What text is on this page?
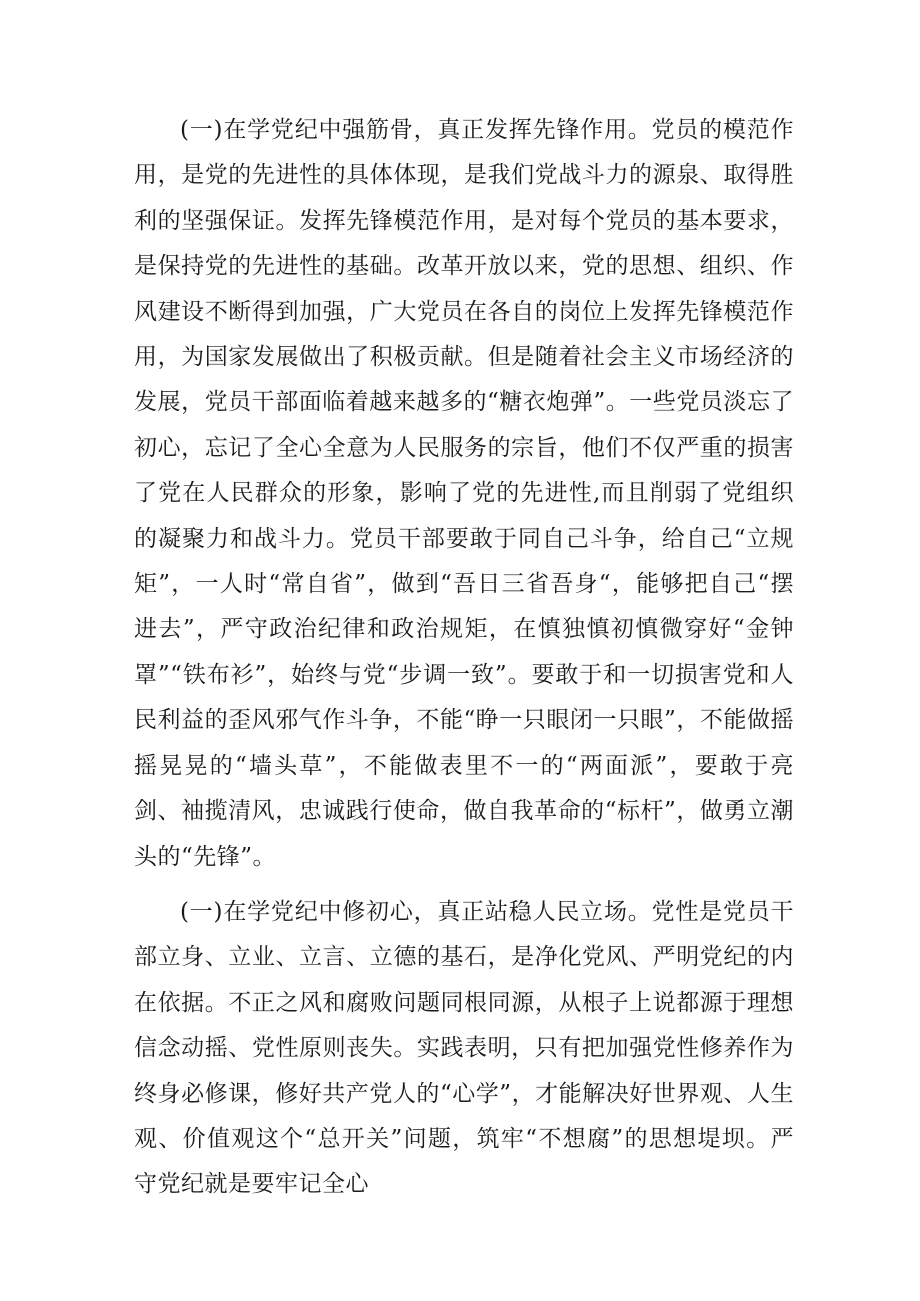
(一)在学党纪中强筋骨，真正发挥先锋作用。党员的模范作用，是党的先进性的具体体现，是我们党战斗力的源泉、取得胜利的坚强保证。发挥先锋模范作用，是对每个党员的基本要求，是保持党的先进性的基础。改革开放以来，党的思想、组织、作风建设不断得到加强，广大党员在各自的岗位上发挥先锋模范作用，为国家发展做出了积极贡献。但是随着社会主义市场经济的发展，党员干部面临着越来越多的“糖衣炮弹”。一些党员淡忘了初心，忘记了全心全意为人民服务的宗旨，他们不仅严重的损害了党在人民群众的形象，影响了党的先进性,而且削弱了党组织的凝聚力和战斗力。党员干部要敢于同自己斗争，给自己“立规矩”，一人时“常自省”，做到“吾日三省吾身“，能够把自己“摆进去”，严守政治纪律和政治规矩，在慎独慎初慎微穿好“金钟罩”“铁布衫”，始终与党“步调一致”。要敢于和一切损害党和人民利益的歪风邪气作斗争，不能“睁一只眼闭一只眼”，不能做摇摇晃晃的“墙头草”，不能做表里不一的“两面派”，要敢于亮剑、袖揽清风，忠诚践行使命，做自我革命的“标杆”，做勇立潮头的“先锋”。

(一)在学党纪中修初心，真正站稳人民立场。党性是党员干部立身、立业、立言、立德的基石，是净化党风、严明党纪的内在依据。不正之风和腐败问题同根同源，从根子上说都源于理想信念动摇、党性原则丧失。实践表明，只有把加强党性修养作为终身必修课，修好共产党人的“心学”，才能解决好世界观、人生观、价值观这个“总开关”问题，筑牢“不想腐”的思想堤坝。严守党纪就是要牢记全心
